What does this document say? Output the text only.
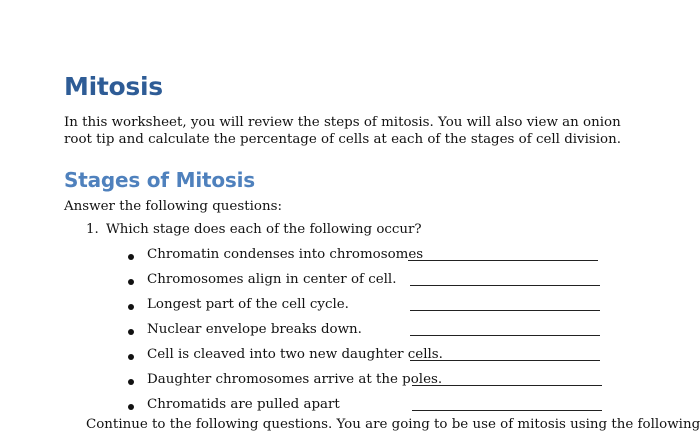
Mitosis

In this worksheet, you will review the steps of mitosis. You will also view an onion root tip and calculate the percentage of cells at each of the stages of cell division.

Stages of Mitosis

Answer the following questions:

1. Which stage does each of the following occur?

Chromatin condenses into chromosomes
Chromosomes align in center of cell.
Longest part of the cell cycle.
Nuclear envelope breaks down.
Cell is cleaved into two new daughter cells.
Daughter chromosomes arrive at the poles.
Chromatids are pulled apart

Continue to the following questions. You are going to be use of mitosis using the following
